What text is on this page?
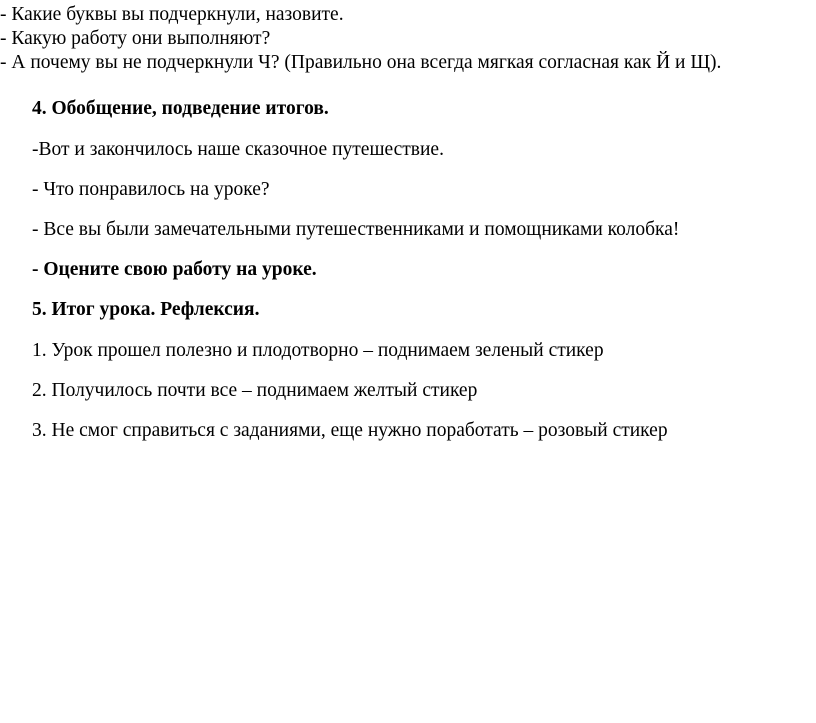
- Какие буквы вы подчеркнули, назовите.
- Какую работу они выполняют?
- А почему вы не подчеркнули Ч? (Правильно она всегда мягкая согласная как Й и Щ).
4. Обобщение, подведение итогов.
-Вот и закончилось наше сказочное путешествие.
- Что понравилось на уроке?
- Все вы были замечательными путешественниками и помощниками колобка!
- Оцените свою работу на уроке.
5. Итог урока. Рефлексия.
1. Урок прошел полезно и плодотворно – поднимаем зеленый стикер
2. Получилось почти все – поднимаем желтый стикер
3. Не смог справиться с заданиями, еще нужно поработать – розовый стикер
